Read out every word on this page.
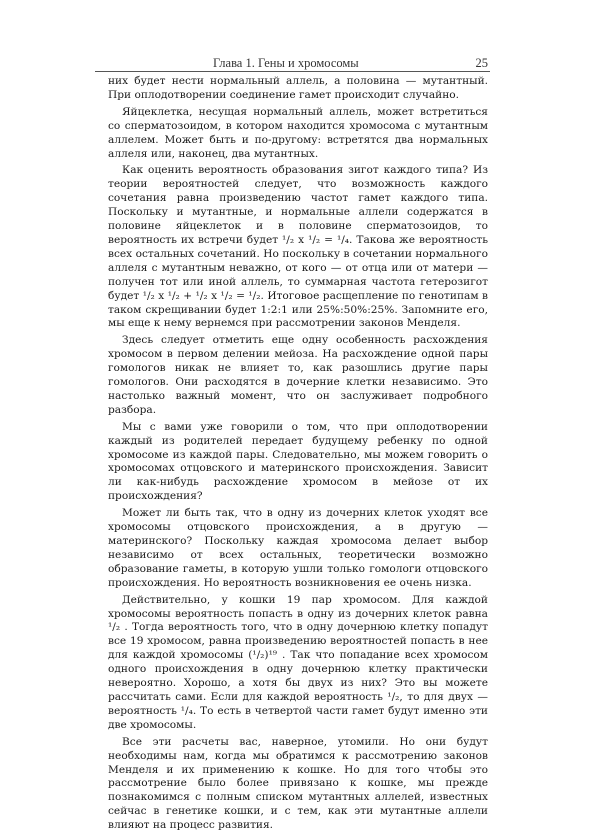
Глава 1. Гены и хромосомы	25

них будет нести нормальный аллель, а половина — мутантный. При оплодотворении соединение гамет происходит случайно.

Яйцеклетка, несущая нормальный аллель, может встретиться со сперматозоидом, в котором находится хромосома с мутантным аллелем. Может быть и по-другому: встретятся два нормальных аллеля или, наконец, два мутантных.

Как оценить вероятность образования зигот каждого типа? Из теории вероятностей следует, что возможность каждого сочетания равна произведению частот гамет каждого типа. Поскольку и мутантные, и нормальные аллели содержатся в половине яйцеклеток и в половине сперматозоидов, то вероятность их встречи будет ¹/₂ x ¹/₂ = ¹/₄. Такова же вероятность всех остальных сочетаний. Но поскольку в сочетании нормального аллеля с мутантным неважно, от кого — от отца или от матери — получен тот или иной аллель, то суммарная частота гетерозигот будет ¹/₂ x ¹/₂ + ¹/₂ x ¹/₂ = ¹/₂. Итоговое расщепление по генотипам в таком скрещивании будет 1:2:1 или 25%:50%:25%. Запомните его, мы еще к нему вернемся при рассмотрении законов Менделя.

Здесь следует отметить еще одну особенность расхождения хромосом в первом делении мейоза. На расхождение одной пары гомологов никак не влияет то, как разошлись другие пары гомологов. Они расходятся в дочерние клетки независимо. Это настолько важный момент, что он заслуживает подробного разбора.

Мы с вами уже говорили о том, что при оплодотворении каждый из родителей передает будущему ребенку по одной хромосоме из каждой пары. Следовательно, мы можем говорить о хромосомах отцовского и материнского происхождения. Зависит ли как-нибудь расхождение хромосом в мейозе от их происхождения?

Может ли быть так, что в одну из дочерних клеток уходят все хромосомы отцовского происхождения, а в другую — материнского? Поскольку каждая хромосома делает выбор независимо от всех остальных, теоретически возможно образование гаметы, в которую ушли только гомологи отцовского происхождения. Но вероятность возникновения ее очень низка.

Действительно, у кошки 19 пар хромосом. Для каждой хромосомы вероятность попасть в одну из дочерних клеток равна ¹/₂ . Тогда вероятность того, что в одну дочернюю клетку попадут все 19 хромосом, равна произведению вероятностей попасть в нее для каждой хромосомы (¹/₂)¹⁹ . Так что попадание всех хромосом одного происхождения в одну дочернюю клетку практически невероятно. Хорошо, а хотя бы двух из них? Это вы можете рассчитать сами. Если для каждой вероятность ¹/₂, то для двух — вероятность ¹/₄. То есть в четвертой части гамет будут именно эти две хромосомы.

Все эти расчеты вас, наверное, утомили. Но они будут необходимы нам, когда мы обратимся к рассмотрению законов Менделя и их применению к кошке. Но для того чтобы это рассмотрение было более привязано к кошке, мы прежде познакомимся с полным списком мутантных аллелей, известных сейчас в генетике кошки, и с тем, как эти мутантные аллели влияют на процесс развития.
